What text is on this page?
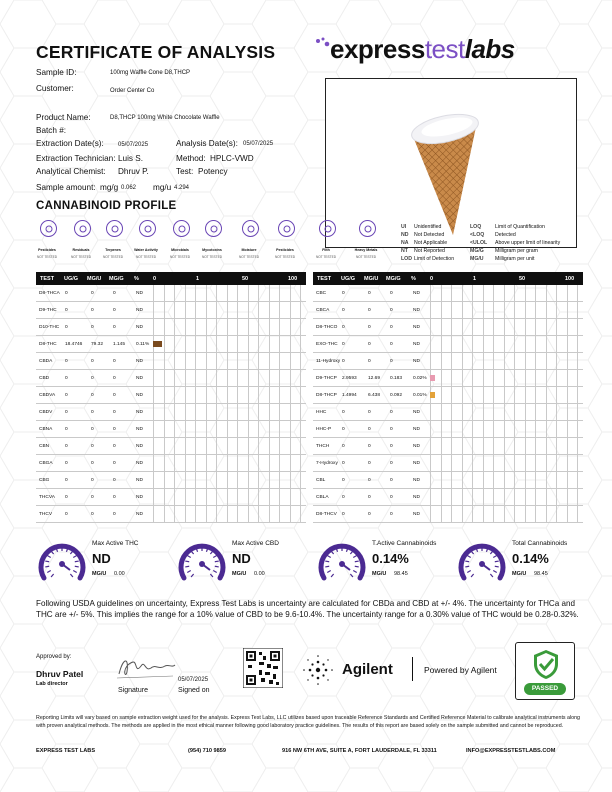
CERTIFICATE OF ANALYSIS expresstestlabs
Sample ID:	100mg Waffle Cone D8,THCP
Customer:	Order Center Co
Product Name:	D8,THCP 100mg White Chocolate Waffle
Batch #:
Extraction Date(s): 05/07/2025	Analysis Date(s): 05/07/2025
Extraction Technician: Luis S.	Method: HPLC-VWD
Analytical Chemist: Dhruv P.	Test: Potency
Sample amount: mg/g 0.062 mg/u 4.294
CANNABINOID PROFILE
Pesticides
NOT TESTED
Residuals
NOT TESTED
Terpenes
NOT TESTED
Water Activity
NOT TESTED
Microbials
NOT TESTED
Mycotoxins
NOT TESTED
Moisture
NOT TESTED
Pesticides
NOT TESTED
Filth
NOT TESTED
Heavy Metals
NOT TESTED
UI Unidentified
ND Not Detected
NA Not Applicable
NT Not Reported
LOD Limit of Detection
LOQ	Limit of Quantification
<LOQ Detected
<ULOL Above upper limit of linearity
MG/G Milligram per gram
MG/U Milligram per unit
TEST UG/G MG/U MG/G %	0	1	50	100
D8-THCA 0	0	0	ND
D9-THC 0	0	0	ND
D10-THC 0	0	0	ND
D8-THC 18.4746 79.32 1.145 0.11%
CBDA	0	0	0	ND
CBD	0	0	0	ND
CBDVA 0	0	0	ND
CBDV	0	0	0	ND
CBNA	0	0	0	ND
CBN	0	0	0	ND
CBGA	0	0	0	ND
CBG	0	0	0	ND
THCVA 0	0	0	ND
THCV	0	0	0	ND
TEST UG/G MG/U MG/G %	0	1	50	100
CBC	0	0	0	ND
CBCA	0	0	0	ND
D8-THCO 0	0	0	ND
EXO-THC 0	0	0	ND
11-Hydroxy 0	0	0	ND
D9-THCP 2.9593 12.69 0.183 0.02%
D8-THCP 1.4994 6.438 0.092 0.01%
HHC	0	0	0	ND
HHC-P 0	0	0	ND
THCH	0	0	0	ND
7-Hydroxy 0	0	0	ND
CBL	0	0	0	ND
CBLA	0	0	0	ND
D8-THCV 0	0	0	ND
Max Active THC
ND
MG/U 0.00
Max Active CBD
ND
MG/U 0.00
T.Active Cannabinoids
0.14%
MG/U 98.45
Total Cannabinoids
0.14%
MG/U 98.45
Following USDA guidelines on uncertainty, Express Test Labs is uncertainty are calculated for CBDa and CBD at +/- 4%. The uncertainty for THCa and THC are +/- 5%. This implies the range for a 10% value of CBD to be 9.6-10.4%. The uncertainty range for a 0.30% value of THC would be 0.28-0.32%.
Approved by:
Dhruv Patel
Lab director
Signature
05/07/2025
Signed on
Agilent	Powered by Agilent
PASSED
Reporting Limits will vary based on sample extraction weight used for the analysis. Express Test Labs, LLC utilizes based upon traceable Reference Standards and Certified Reference Material to calibrate analytical instruments along with proven analytical methods. The methods are applied in the most ethical manner following good laboratory practice guidelines. The results of this report are based solely on the sample submitted and cannot be reproduced.
EXPRESS TEST LABS	(954) 710 9859	916 NW 6TH AVE, SUITE A, FORT LAUDERDALE, FL 33311	INFO@EXPRESSTESTLABS.COM
